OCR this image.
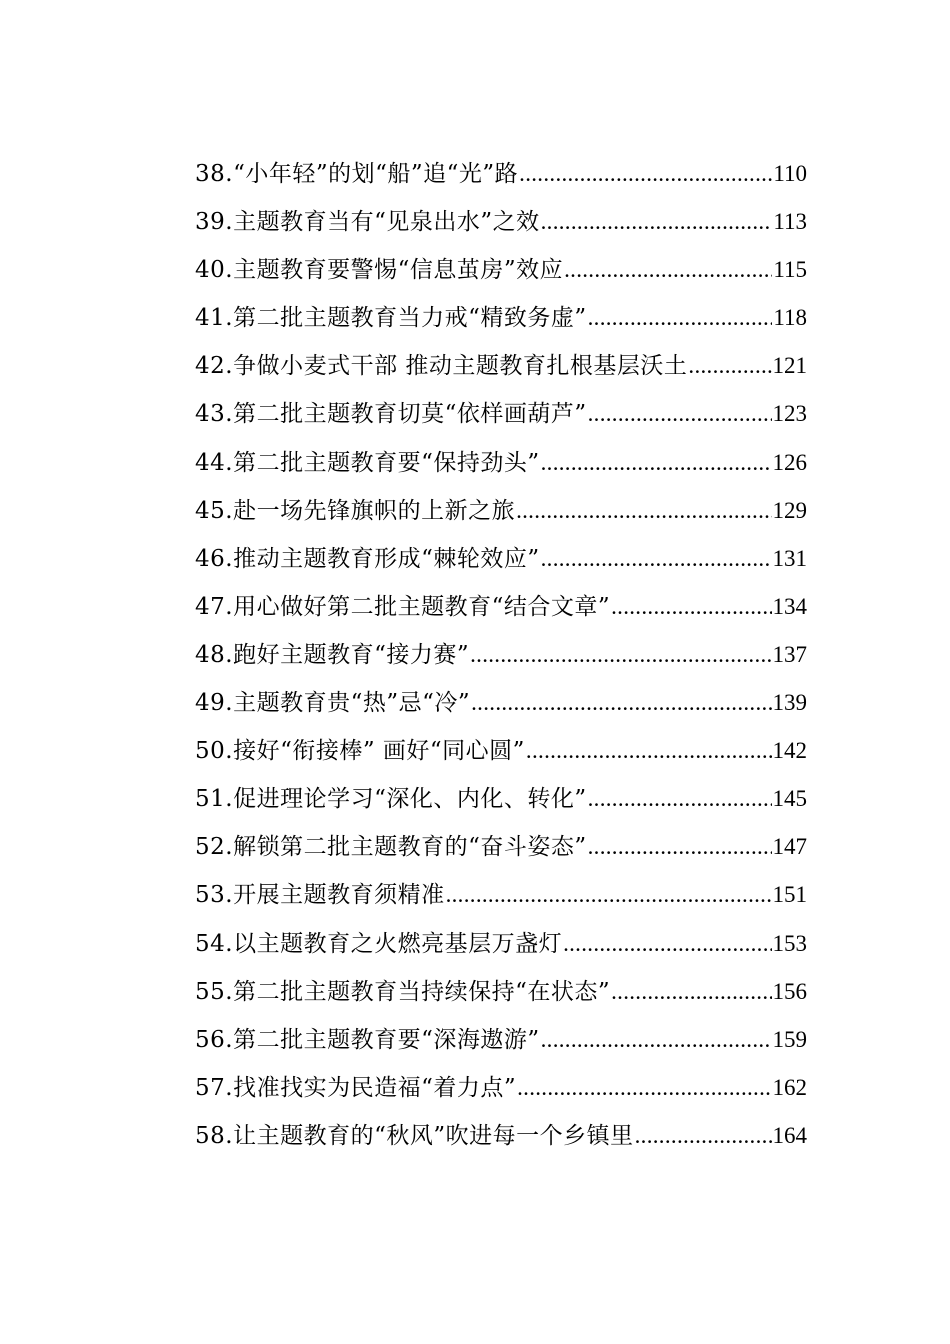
38.“小年轻”的划“船”追“光”路 .....	110
39.主题教育当有“见泉出水”之效 .....	113
40.主题教育要警惕“信息茧房”效应 .....	115
41.第二批主题教育当力戒“精致务虚” .....	118
42.争做小麦式干部 推动主题教育扎根基层沃土 .....	121
43.第二批主题教育切莫“依样画葫芦” .....	123
44.第二批主题教育要“保持劲头” .....	126
45.赴一场先锋旗帜的上新之旅 .....	129
46.推动主题教育形成“棘轮效应” .....	131
47.用心做好第二批主题教育“结合文章” .....	134
48.跑好主题教育“接力赛” .....	137
49.主题教育贵“热”忌“冷” .....	139
50.接好“衔接棒” 画好“同心圆” .....	142
51.促进理论学习“深化、内化、转化” .....	145
52.解锁第二批主题教育的“奋斗姿态” .....	147
53.开展主题教育须精准 .....	151
54.以主题教育之火燃亮基层万盏灯 .....	153
55.第二批主题教育当持续保持“在状态” .....	156
56.第二批主题教育要“深海遨游” .....	159
57.找准找实为民造福“着力点” .....	162
58.让主题教育的“秋风”吹进每一个乡镇里 .....	164
